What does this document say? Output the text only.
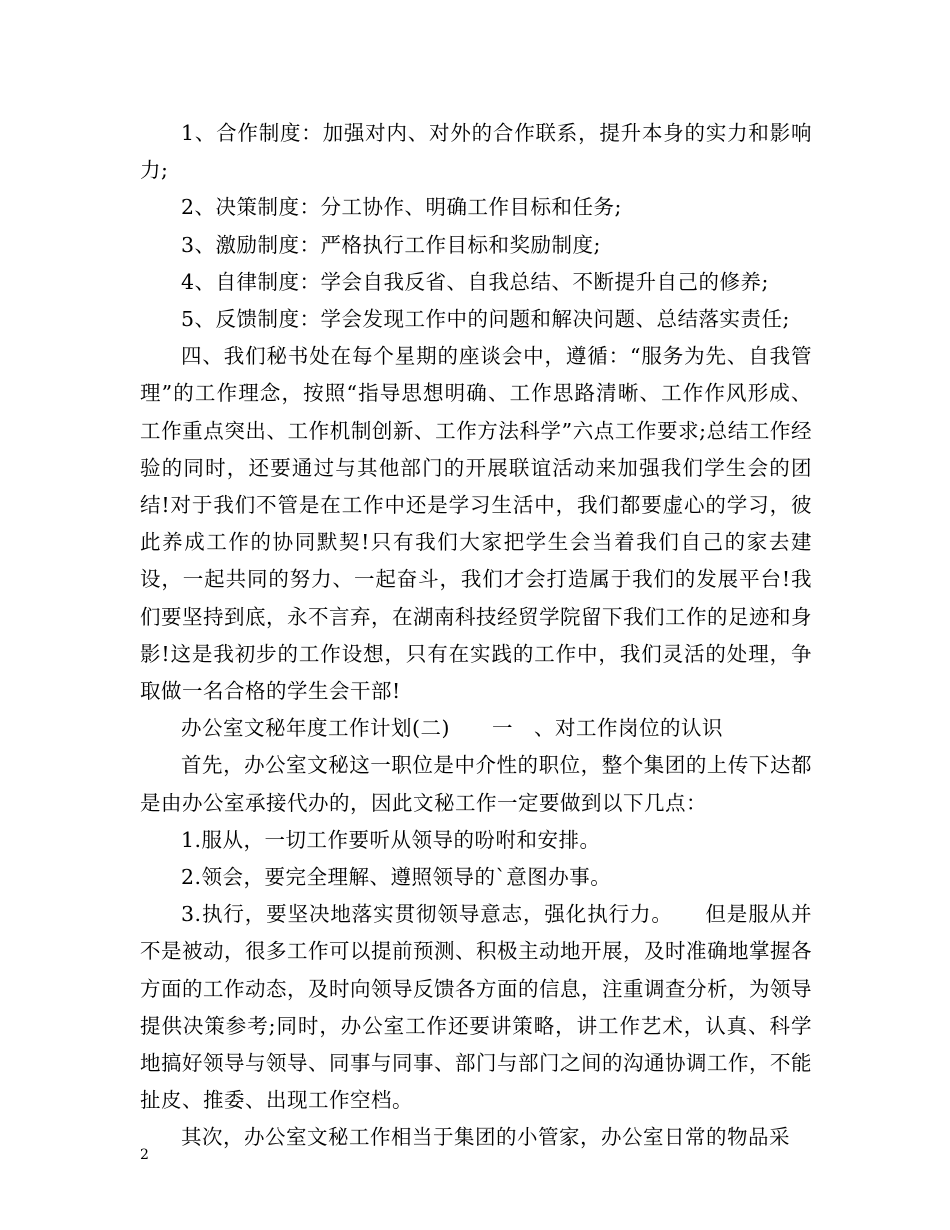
1、合作制度：加强对内、对外的合作联系，提升本身的实力和影响力;

2、决策制度：分工协作、明确工作目标和任务;

3、激励制度：严格执行工作目标和奖励制度;

4、自律制度：学会自我反省、自我总结、不断提升自己的修养;

5、反馈制度：学会发现工作中的问题和解决问题、总结落实责任;

四、我们秘书处在每个星期的座谈会中，遵循：“服务为先、自我管理”的工作理念，按照“指导思想明确、工作思路清晰、工作作风形成、工作重点突出、工作机制创新、工作方法科学”六点工作要求;总结工作经验的同时，还要通过与其他部门的开展联谊活动来加强我们学生会的团结!对于我们不管是在工作中还是学习生活中，我们都要虚心的学习，彼此养成工作的协同默契!只有我们大家把学生会当着我们自己的家去建设，一起共同的努力、一起奋斗，我们才会打造属于我们的发展平台!我们要坚持到底，永不言弃，在湖南科技经贸学院留下我们工作的足迹和身影!这是我初步的工作设想，只有在实践的工作中，我们灵活的处理，争取做一名合格的学生会干部!

办公室文秘年度工作计划(二)　　一　、对工作岗位的认识

首先，办公室文秘这一职位是中介性的职位，整个集团的上传下达都是由办公室承接代办的，因此文秘工作一定要做到以下几点：

1.服从，一切工作要听从领导的吩咐和安排。

2.领会，要完全理解、遵照领导的`意图办事。

3.执行，要坚决地落实贯彻领导意志，强化执行力。　　但是服从并不是被动，很多工作可以提前预测、积极主动地开展，及时准确地掌握各方面的工作动态，及时向领导反馈各方面的信息，注重调查分析，为领导提供决策参考;同时，办公室工作还要讲策略，讲工作艺术，认真、科学地搞好领导与领导、同事与同事、部门与部门之间的沟通协调工作，不能扯皮、推委、出现工作空档。

其次，办公室文秘工作相当于集团的小管家，办公室日常的物品采

2
